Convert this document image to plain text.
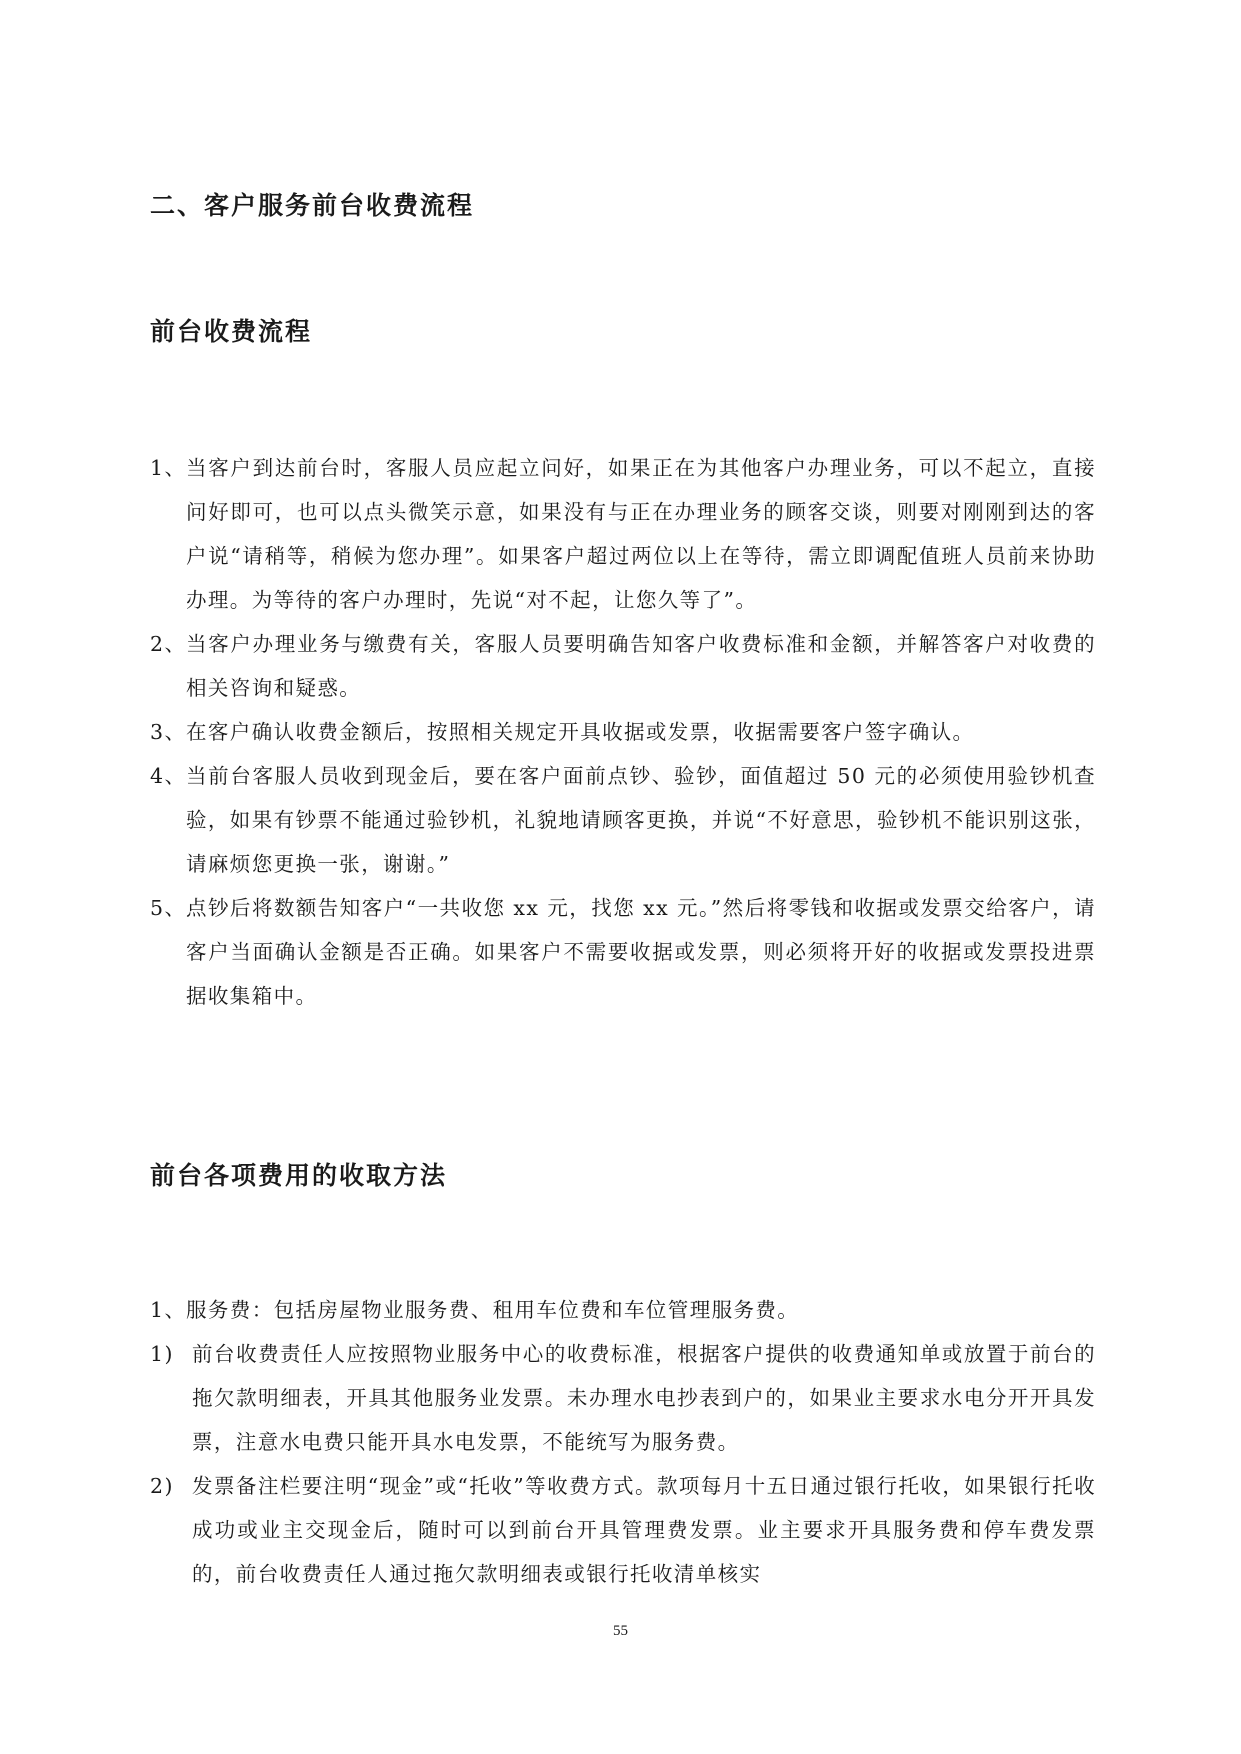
二、客户服务前台收费流程
前台收费流程
1、 当客户到达前台时，客服人员应起立问好，如果正在为其他客户办理业务，可以不起立，直接问好即可，也可以点头微笑示意，如果没有与正在办理业务的顾客交谈，则要对刚刚到达的客户说“请稍等，稍候为您办理”。如果客户超过两位以上在等待，需立即调配值班人员前来协助办理。为等待的客户办理时，先说“对不起，让您久等了”。
2、 当客户办理业务与缴费有关，客服人员要明确告知客户收费标准和金额，并解答客户对收费的相关咨询和疑惑。
3、 在客户确认收费金额后，按照相关规定开具收据或发票，收据需要客户签字确认。
4、 当前台客服人员收到现金后，要在客户面前点钞、验钞，面值超过 50 元的必须使用验钞机查验，如果有钞票不能通过验钞机，礼貌地请顾客更换，并说“不好意思，验钞机不能识别这张，请麻烦您更换一张，谢谢。”
5、 点钞后将数额告知客户“一共收您 xx 元，找您 xx 元。”然后将零钱和收据或发票交给客户，请客户当面确认金额是否正确。如果客户不需要收据或发票，则必须将开好的收据或发票投进票据收集箱中。
前台各项费用的收取方法
1、 服务费：包括房屋物业服务费、租用车位费和车位管理服务费。
1) 前台收费责任人应按照物业服务中心的收费标准，根据客户提供的收费通知单或放置于前台的拖欠款明细表，开具其他服务业发票。未办理水电抄表到户的，如果业主要求水电分开开具发票，注意水电费只能开具水电发票，不能统写为服务费。
2) 发票备注栏要注明“现金”或“托收”等收费方式。款项每月十五日通过银行托收，如果银行托收成功或业主交现金后，随时可以到前台开具管理费发票。业主要求开具服务费和停车费发票的，前台收费责任人通过拖欠款明细表或银行托收清单核实
55
